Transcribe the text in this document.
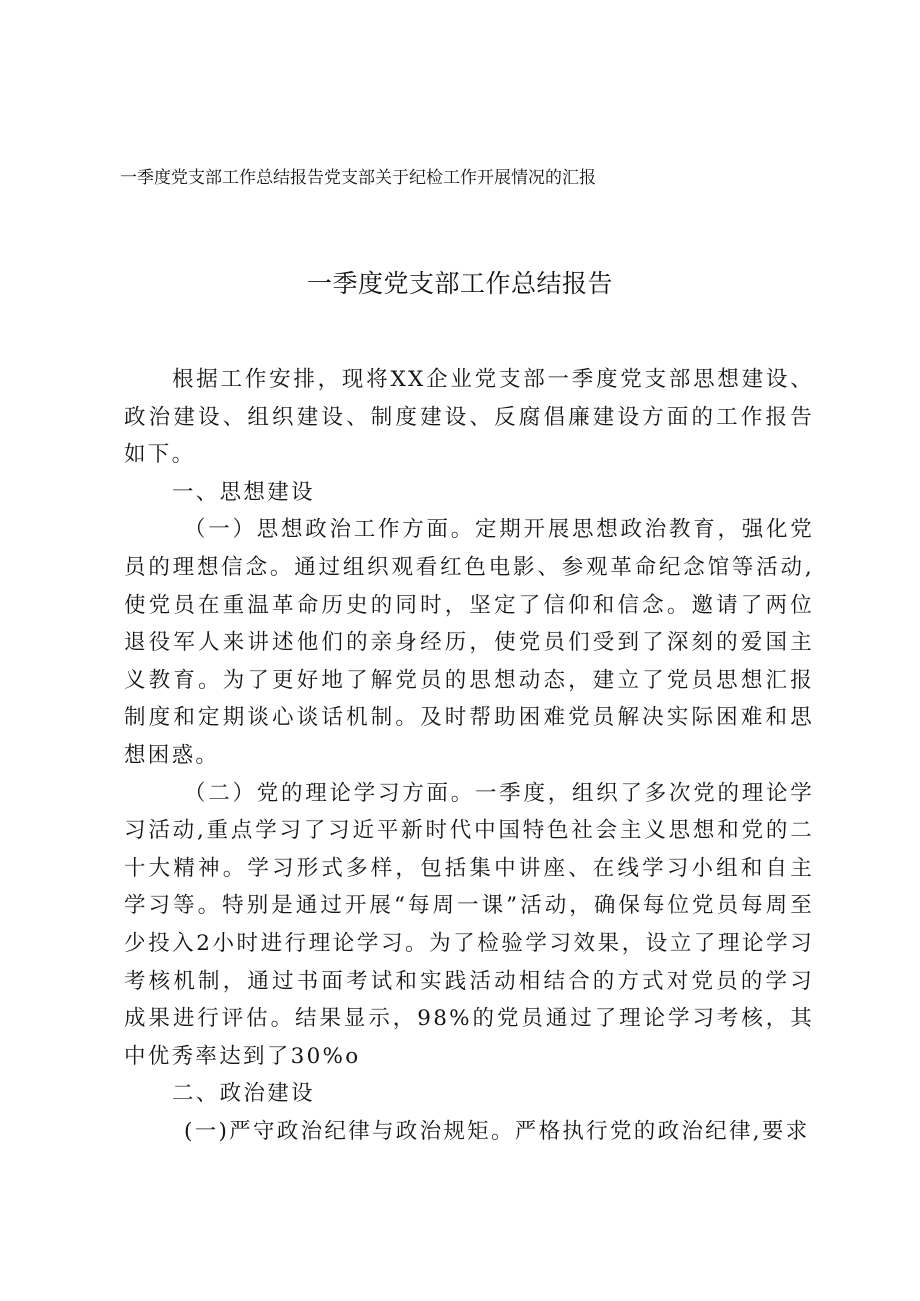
一季度党支部工作总结报告党支部关于纪检工作开展情况的汇报
一季度党支部工作总结报告

根据工作安排，现将XX企业党支部一季度党支部思想建设、政治建设、组织建设、制度建设、反腐倡廉建设方面的工作报告如下。

一、思想建设

（一）思想政治工作方面。定期开展思想政治教育，强化党员的理想信念。通过组织观看红色电影、参观革命纪念馆等活动,使党员在重温革命历史的同时，坚定了信仰和信念。邀请了两位退役军人来讲述他们的亲身经历，使党员们受到了深刻的爱国主义教育。为了更好地了解党员的思想动态，建立了党员思想汇报制度和定期谈心谈话机制。及时帮助困难党员解决实际困难和思想困惑。

（二）党的理论学习方面。一季度，组织了多次党的理论学习活动,重点学习了习近平新时代中国特色社会主义思想和党的二十大精神。学习形式多样，包括集中讲座、在线学习小组和自主学习等。特别是通过开展“每周一课”活动，确保每位党员每周至少投入2小时进行理论学习。为了检验学习效果，设立了理论学习考核机制，通过书面考试和实践活动相结合的方式对党员的学习成果进行评估。结果显示，98%的党员通过了理论学习考核，其中优秀率达到了30%o

二、政治建设

(一)严守政治纪律与政治规矩。严格执行党的政治纪律,要求
